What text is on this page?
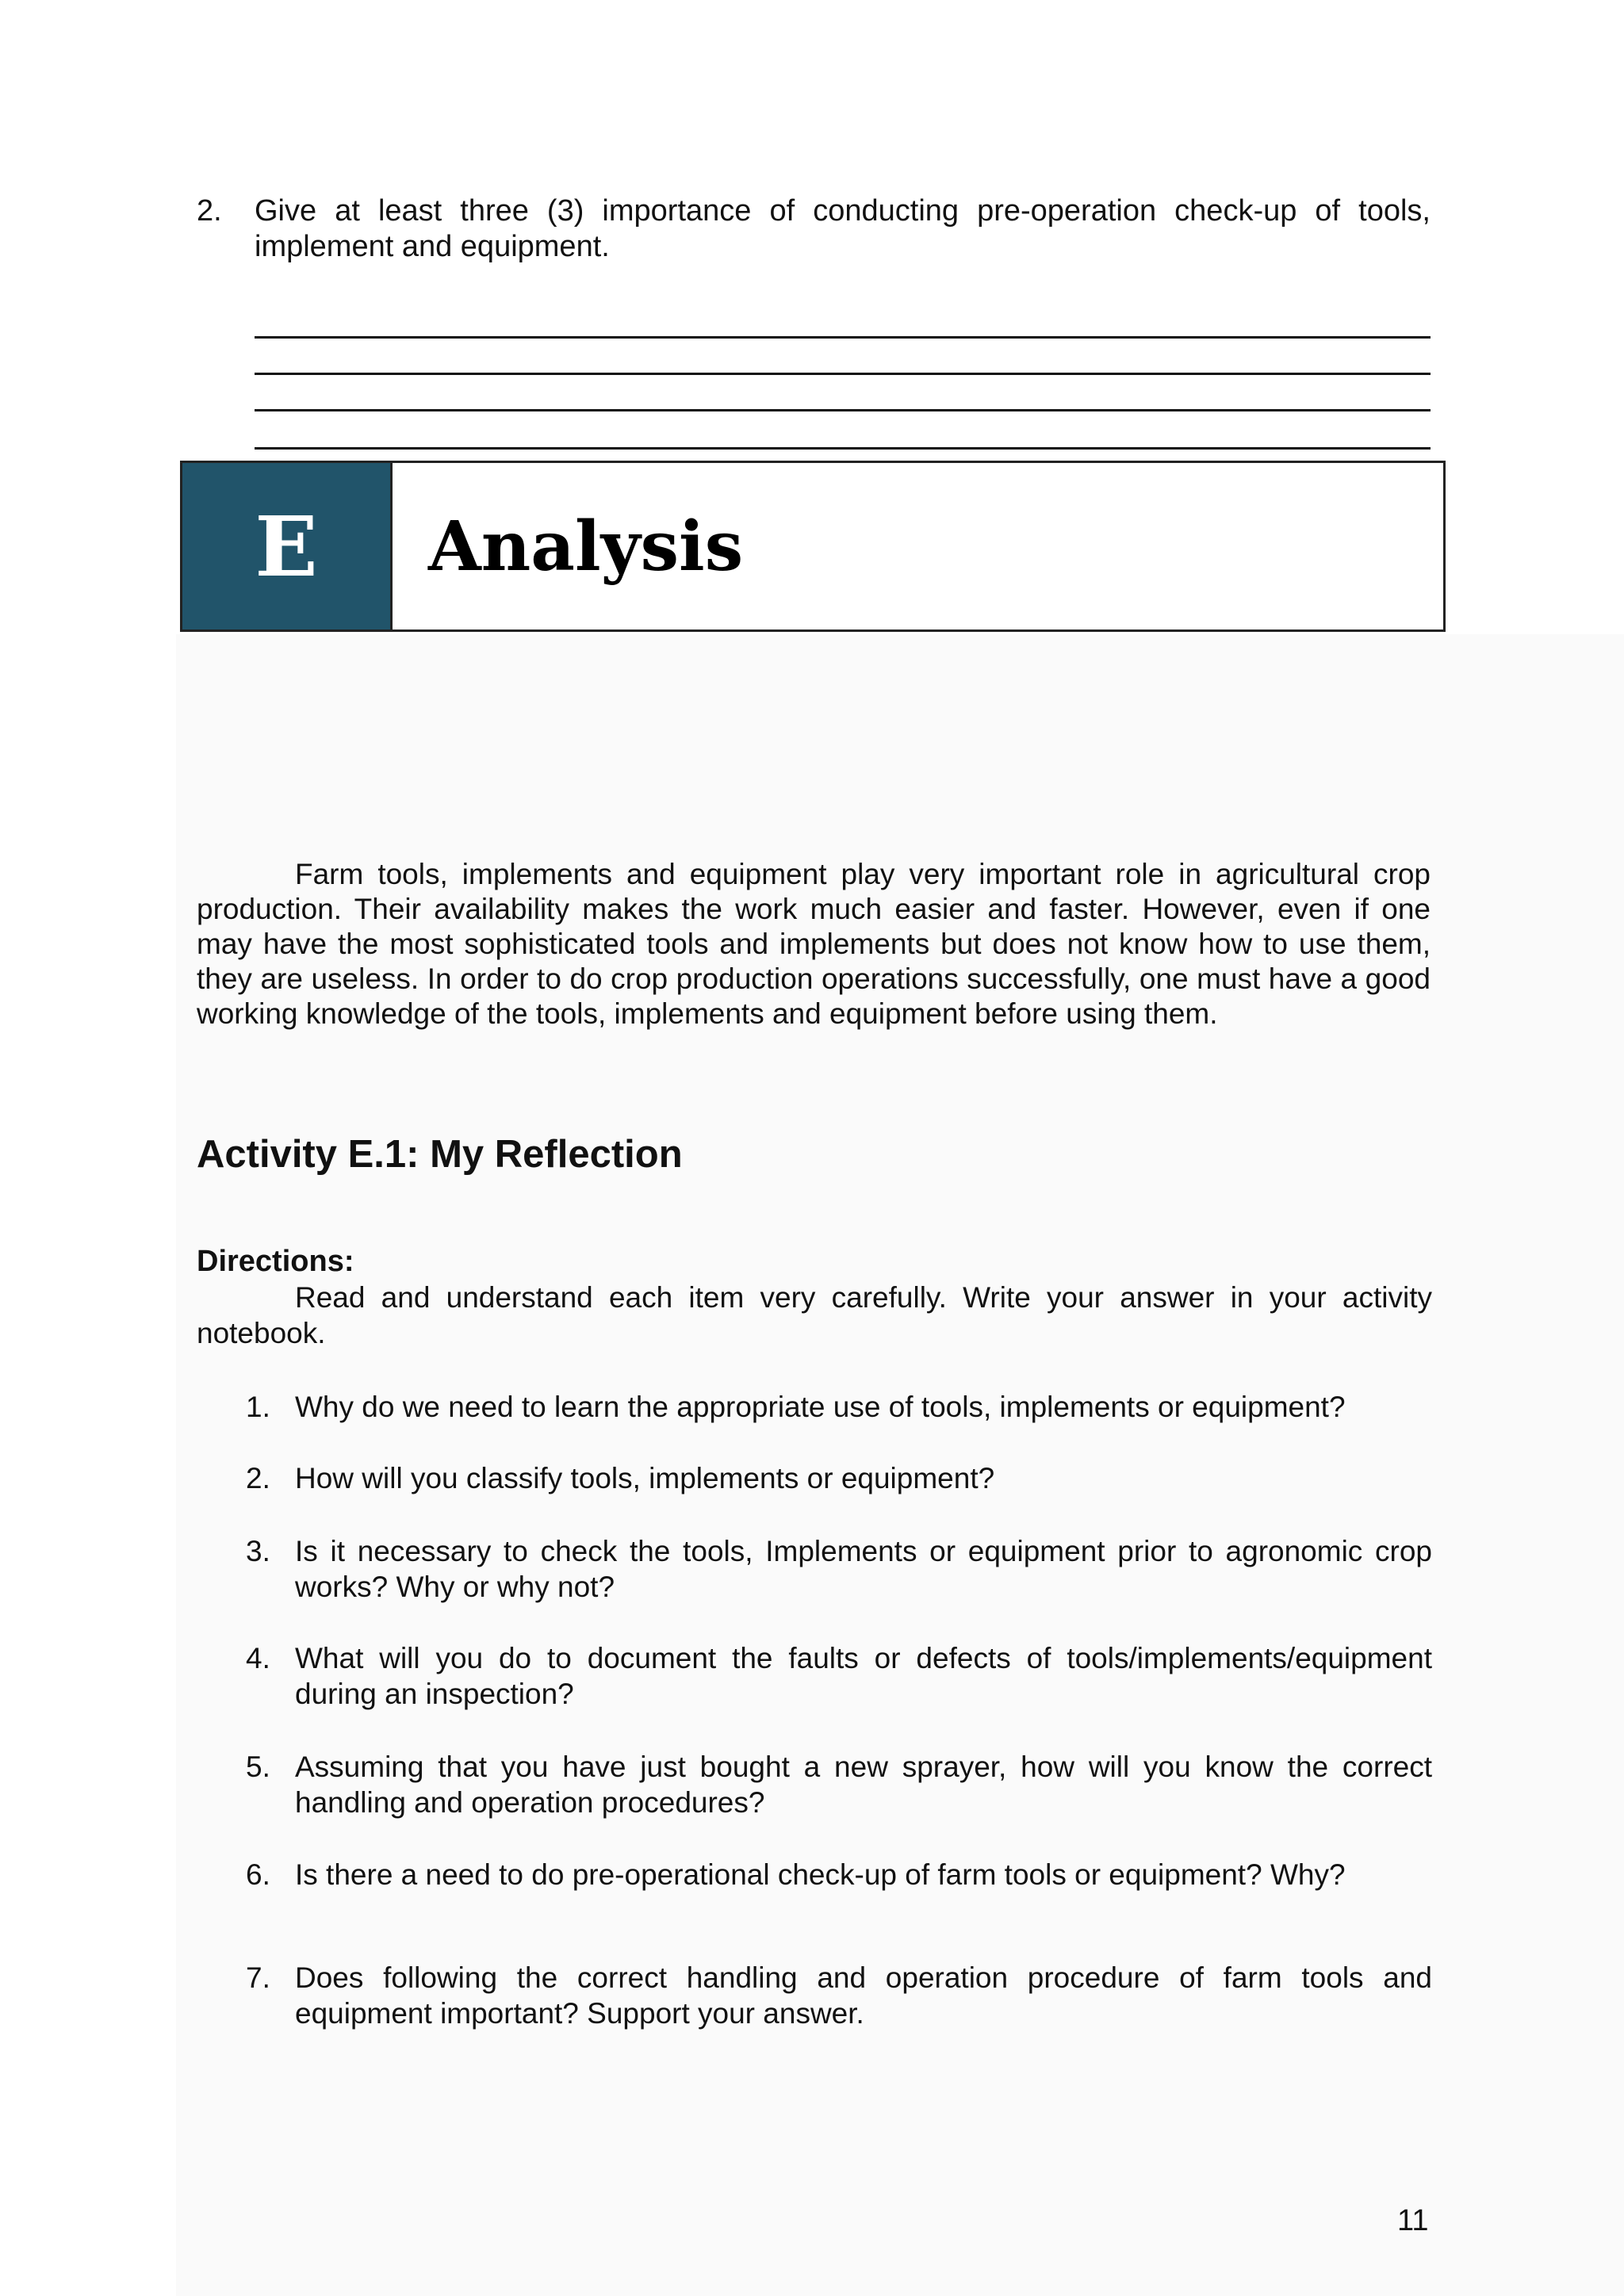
2. Give at least three (3) importance of conducting pre-operation check-up of tools, implement and equipment.
E	Analysis
Farm tools, implements and equipment play very important role in agricultural crop production. Their availability makes the work much easier and faster. However, even if one may have the most sophisticated tools and implements but does not know how to use them, they are useless. In order to do crop production operations successfully, one must have a good working knowledge of the tools, implements and equipment before using them.
Activity E.1: My Reflection
Directions:
Read and understand each item very carefully. Write your answer in your activity notebook.
1. Why do we need to learn the appropriate use of tools, implements or equipment?
2. How will you classify tools, implements or equipment?
3. Is it necessary to check the tools, Implements or equipment prior to agronomic crop works? Why or why not?
4. What will you do to document the faults or defects of tools/implements/equipment during an inspection?
5. Assuming that you have just bought a new sprayer, how will you know the correct handling and operation procedures?
6. Is there a need to do pre-operational check-up of farm tools or equipment? Why?
7. Does following the correct handling and operation procedure of farm tools and equipment important? Support your answer.
11
